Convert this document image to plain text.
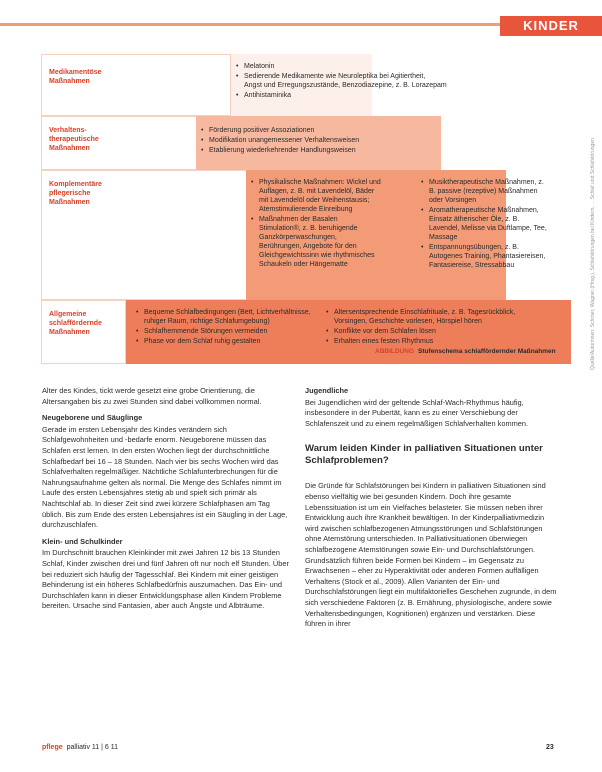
KINDER
Medikamentöse
Maßnahmen
• Melatonin
• Sedierende Medikamente wie Neuroleptika bei Agitiertheit,
Angst und Erregungszustände, Benzodiazepine, z. B. Lorazepam
• Antihistaminika
Verhaltens-
therapeutische
Maßnahmen
• Förderung positiver Assoziationen
• Modifikation unangemessener Verhaltensweisen
• Etablierung wiederkehrender Handlungsweisen
Komplementäre
pflegerische
Maßnahmen
• Physikalische Maßnahmen: Wickel und Auflagen, z. B. mit Lavendelöl, Bäder mit Lavendelöl oder Weihenstausis; Atemstimulierende Einreibung
• Maßnahmen der Basalen Stimulation®, z. B. beruhigende Ganzkörperwaschungen, Berührungen, Angebote für den Gleichgewichtssinn wie rhythmisches Schaukeln oder Hängematte
• Musiktherapeutische Maßnahmen, z. B. passive (rezeptive) Maßnahmen oder Vorsingen
• Aromatherapeutische Maßnahmen, Einsatz ätherischer Öle, z. B. Lavendel, Melisse via Duftlampe, Tee, Massage
• Entspannungsübungen, z. B. Autogenes Training, Phantasiereisen, Fantasiereise, Stressabbau
Allgemeine
schlaffördernde
Maßnahmen
• Bequeme Schlafbedingungen (Bett, Lichtverhältnisse, ruhiger Raum, richtige Schlafumgebung)
• Schlafhemmende Störungen vermeiden
• Phase vor dem Schlaf ruhig gestalten
• Altersentsprechende Einschlafrituale, z. B. Tagesrückblick, Vorsingen, Geschichte vorlesen, Hörspiel hören
• Konflikte vor dem Schlafen lösen
• Erhalten eines festen Rhythmus	Quelle/Autorinnen: Schröer, Wagner (Hrsg.), Schlafstörungen bei Kindern, ... Schlaf und Schlafstörungen
ABBILDUNG Stufenschema schlaffördernder Maßnahmen

Alter des Kindes, tickt werde gesetzt eine grobe Orientierung, die Altersangaben bis zu zwei Stunden sind dabei vollkommen normal.

Neugeborene und Säuglinge

Gerade im ersten Lebensjahr des Kindes verändern sich Schlafgewohnheiten und -bedarfe enorm. Neugeborene müssen das Schlafen erst lernen. In den ersten Wochen liegt der durchschnittliche Schlafbedarf bei 16 – 18 Stunden. Nach vier bis sechs Wochen wird das Schlafverhalten regelmäßiger. Nächtliche Schlafunterbrechungen für die Nahrungsaufnahme gelten als normal. Die Menge des Schlafes nimmt im Laufe des ersten Lebensjahres stetig ab und spielt sich primär als Nachtschlaf ab. In dieser Zeit sind zwei kürzere Schlafphasen am Tag üblich. Bis zum Ende des ersten Lebensjahres ist ein Säugling in der Lage, durchzuschlafen.

Klein- und Schulkinder

Im Durchschnitt brauchen Kleinkinder mit zwei Jahren 12 bis 13 Stunden Schlaf, Kinder zwischen drei und fünf Jahren oft nur noch elf Stunden. Über bei reduziert sich häufig der Tagesschlaf. Bei Kindern mit einer geistigen Behinderung ist ein höheres Schlafbedürfnis auszumachen. Das Ein- und Durchschlafen kann in dieser Entwicklungsphase allen Kindern Probleme bereiten. Ursache sind Fantasien, aber auch Ängste und Albträume.

Jugendliche

Bei Jugendlichen wird der geltende Schlaf-Wach-Rhythmus häufig, insbesondere in der Pubertät, kann es zu einer Verschiebung der Schlafenszeit und zu einem regelmäßigen Schlafverhalten kommen.

Warum leiden Kinder in palliativen Situationen unter Schlafproblemen?

Die Gründe für Schlafstörungen bei Kindern in palliativen Situationen sind ebenso vielfältig wie bei gesunden Kindern. Doch ihre gesamte Lebenssituation ist um ein Vielfaches belasteter. Sie müssen neben ihrer Entwicklung auch ihre Krankheit bewältigen. In der Kinderpalliativmedizin wird zwischen schlafbezogenen Atmungsstörungen und Schlafstörungen ohne Atemstörung unterschieden. In Palliativsituationen überwiegen schlafbezogene Atemstörungen sowie Ein- und Durchschlafstörungen. Grundsätzlich führen beide Formen bei Kindern – im Gegensatz zu Erwachsenen – eher zu Hyperaktivität oder anderen Formen auffälligen Verhaltens (Stock et al., 2009). Allen Varianten der Ein- und Durchschlafstörungen liegt ein multifaktorielles Geschehen zugrunde, in dem sich verschiedene Faktoren (z. B. Ernährung, physiologische, andere sowie Verhaltensbedingungen, Kognitionen) ergänzen und verstärken. Diese führen in ihrer

pflege palliativ 11 | 6 11	23
